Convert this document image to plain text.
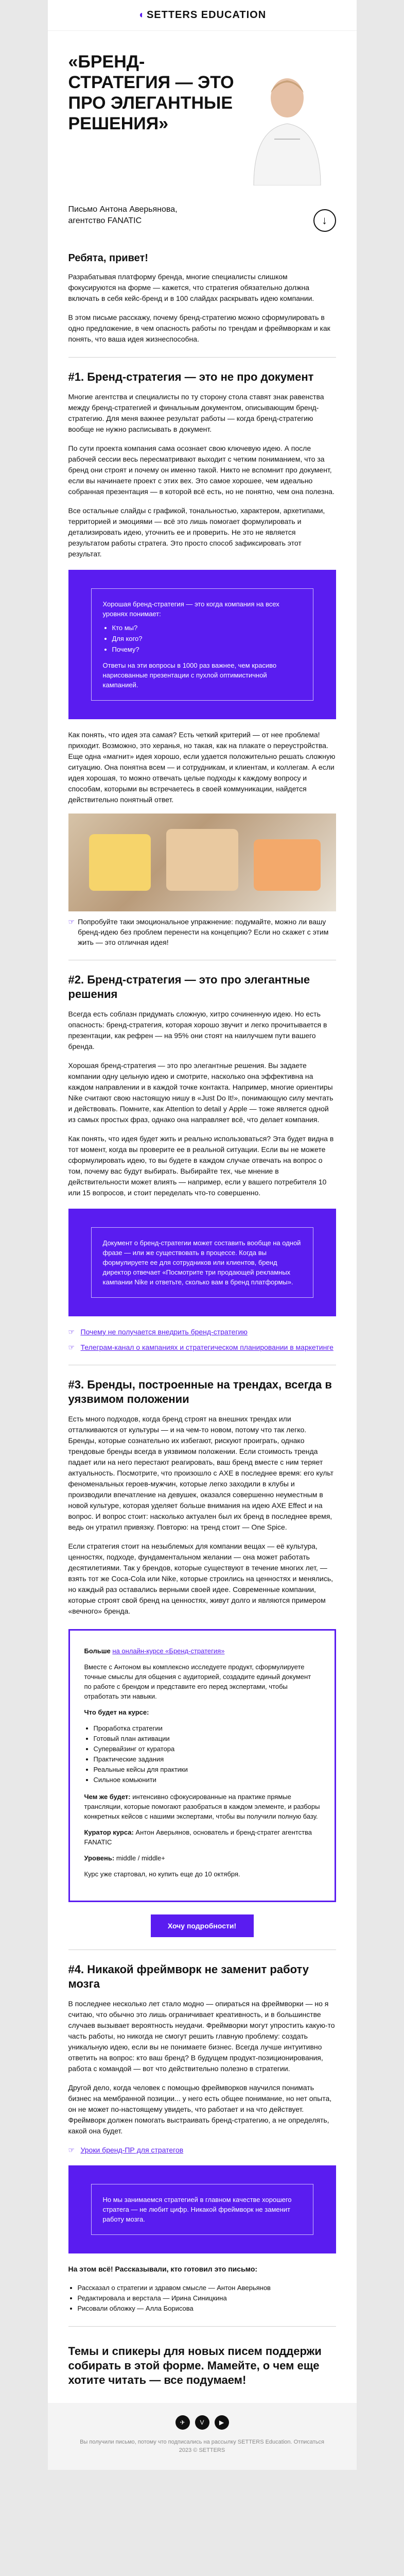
◖ SETTERS EDUCATION
«БРЕНД-СТРАТЕГИЯ — ЭТО ПРО ЭЛЕГАНТНЫЕ РЕШЕНИЯ»
Письмо Антона Аверьянова,
агентство FANATIC	↓
Ребята, привет!

Разрабатывая платформу бренда, многие специалисты слишком фокусируются на форме — кажется, что стратегия обязательно должна включать в себя кейс-бренд и в 100 слайдах раскрывать идею компании.

В этом письме расскажу, почему бренд-стратегию можно сформулировать в одно предложение, в чем опасность работы по трендам и фреймворкам и как понять, что ваша идея жизнеспособна.

#1. Бренд-стратегия — это не про документ

Многие агентства и специалисты по ту сторону стола ставят знак равенства между бренд-стратегией и финальным документом, описывающим бренд-стратегию. Для меня важнее результат работы — когда бренд-стратегию вообще не нужно расписывать в документ.

По сути проекта компания сама осознает свою ключевую идею. А после рабочей сессии весь пересматривают выходит с четким пониманием, что за бренд они строят и почему он именно такой. Никто не вспомнит про документ, если вы начинаете проект с этих вех. Это самое хорошее, чем идеально собранная презентация — в которой всё есть, но не понятно, чем она полезна.

Все остальные слайды с графикой, тональностью, характером, архетипами, территорией и эмоциями — всё это лишь помогает формулировать и детализировать идею, уточнить ее и проверить. Не это не является результатом работы стратега. Это просто способ зафиксировать этот результат.

Хорошая бренд-стратегия — это когда компания на всех уровнях понимает:
• Кто мы?
• Для кого?
• Почему?
Ответы на эти вопросы в 1000 раз важнее, чем красиво нарисованные презентации с пухлой оптимистичной кампанией.

Как понять, что идея эта самая? Есть четкий критерий — от нее проблема! приходит. Возможно, это херанья, но такая, как на плакате о переустройства. Еще одна «магнит» идея хорошо, если удается положительно решать сложную ситуацию. Она понятна всем — и сотрудникам, и клиентам, и коллегам. А если идея хорошая, то можно отвечать целые подходы к каждому вопросу и способам, которыми вы встречаетесь в своей коммуникации, найдется действительно понятный ответ.

☞ Попробуйте таки эмоциональное упражнение: подумайте, можно ли вашу бренд-идею без проблем перенести на концепцию? Если но скажет с этим жить — это отличная идея!
#2. Бренд-стратегия — это про элегантные решения

Всегда есть соблазн придумать сложную, хитро сочиненную идею. Но есть опасность: бренд-стратегия, которая хорошо звучит и легко прочитывается в презентации, как рефрен — на 95% они стоят на наилучшем пути вашего бренда.

Хорошая бренд-стратегия — это про элегантные решения. Вы задаете компании одну цельную идею и смотрите, насколько она эффективна на каждом направлении и в каждой точке контакта. Например, многие ориентиры Nike считают свою настоящую нишу в «Just Do It!», понимающую силу мечтать и действовать. Помните, как Attention to detail у Apple — тоже является одной из самых простых фраз, однако она направляет всё, что делает компания.

Как понять, что идея будет жить и реально использоваться? Эта будет видна в тот момент, когда вы проверите ее в реальной ситуации. Если вы не можете сформулировать идею, то вы будете в каждом случае отвечать на вопрос о том, почему вас будут выбирать. Выбирайте тех, чье мнение в действительности может влиять — например, если у вашего потребителя 10 или 15 вопросов, и стоит переделать что-то совершенно.

Документ о бренд-стратегии может составить вообще на одной фразе — или же существовать в процессе. Когда вы формулируете ее для сотрудников или клиентов, бренд директор отвечает «Посмотрите три продающей рекламных кампании Nike и ответьте, сколько вам в бренд платформы».
☞ Почему не получается внедрить бренд-стратегию
☞ Телеграм-канал о кампаниях и стратегическом планировании в маркетинге
#3. Бренды, построенные на трендах, всегда в уязвимом положении

Есть много подходов, когда бренд строят на внешних трендах или отталкиваются от культуры — и на чем-то новом, потому что так легко. Бренды, которые сознательно их избегают, рискуют проиграть, однако трендовые бренды всегда в уязвимом положении. Если стоимость тренда падает или на него перестают реагировать, ваш бренд вместе с ним теряет актуальность. Посмотрите, что произошло с AXE в последнее время: его культ феноменальных героев-мужчин, которые легко заходили в клубы и производили впечатление на девушек, оказался совершенно неуместным в новой культуре, которая уделяет больше внимания на идею AXE Effect и на вопрос. И вопрос стоит: насколько актуален был их бренд в последнее время, ведь он утратил привязку. Повторю: на тренд стоит — One Spice.

Если стратегия стоит на незыблемых для компании вещах — её культура, ценностях, подходе, фундаментальном желании — она может работать десятилетиями. Так у брендов, которые существуют в течение многих лет, — взять тот же Coca-Cola или Nike, которые строились на ценностях и менялись, но каждый раз оставались верными своей идее. Современные компании, которые строят свой бренд на ценностях, живут долго и являются примером «вечного» бренда.

Больше на онлайн-курсе «Бренд-стратегия»

Вместе с Антоном вы комплексно исследуете продукт, сформулируете точные смыслы для общения с аудиторией, создадите единый документ по работе с брендом и представите его перед экспертами, чтобы отработать эти навыки.

Что будет на курсе:

• Проработка стратегии
• Готовый план активации
• Супервайзинг от куратора
• Практические задания
• Реальные кейсы для практики
• Сильное комьюнити

Чем же будет: интенсивно сфокусированные на практике прямые трансляции, которые помогают разобраться в каждом элементе, и разборы конкретных кейсов с нашими экспертами, чтобы вы получили полную базу.

Куратор курса: Антон Аверьянов, основатель и бренд-стратег агентства FANATIC

Уровень: middle / middle+

Курс уже стартовал, но купить еще до 10 октября.

Хочу подробности!
#4. Никакой фреймворк не заменит работу мозга

В последнее несколько лет стало модно — опираться на фреймворки — но я считаю, что обычно это лишь ограничивает креативность, и в большинстве случаев вызывает вероятность неудачи. Фреймворки могут упростить какую-то часть работы, но никогда не смогут решить главную проблему: создать уникальную идею, если вы не понимаете бизнес. Всегда лучше интуитивно ответить на вопрос: кто ваш бренд? В будущем продукт-позиционирования, работа с командой — вот что действительно полезно в стратегии.

Другой дело, когда человек с помощью фреймворков научился понимать бизнес на мембранной позиции... у него есть общее понимание, но нет опыта, он не может по-настоящему увидеть, что работает и на что действует. Фреймворк должен помогать выстраивать бренд-стратегию, а не определять, какой она будет.

☞ Уроки бренд-ПР для стратегов
Но мы занимаемся стратегией в главном качестве хорошего стратега — не любит цифр. Никакой фреймворк не заменит работу мозга.

На этом всё! Рассказывали, кто готовил это письмо:

• Рассказал о стратегии и здравом смысле — Антон Аверьянов
• Редактировала и верстала — Ирина Синицкина
• Рисовали обложку — Алла Борисова

Темы и спикеры для новых писем поддержи собирать в этой форме. Мамейте, о чем еще хотите читать — все подумаем!

✈	V	▶
Вы получили письмо, потому что подписались на рассылку SETTERS Education. Отписаться
2023 © SETTERS
